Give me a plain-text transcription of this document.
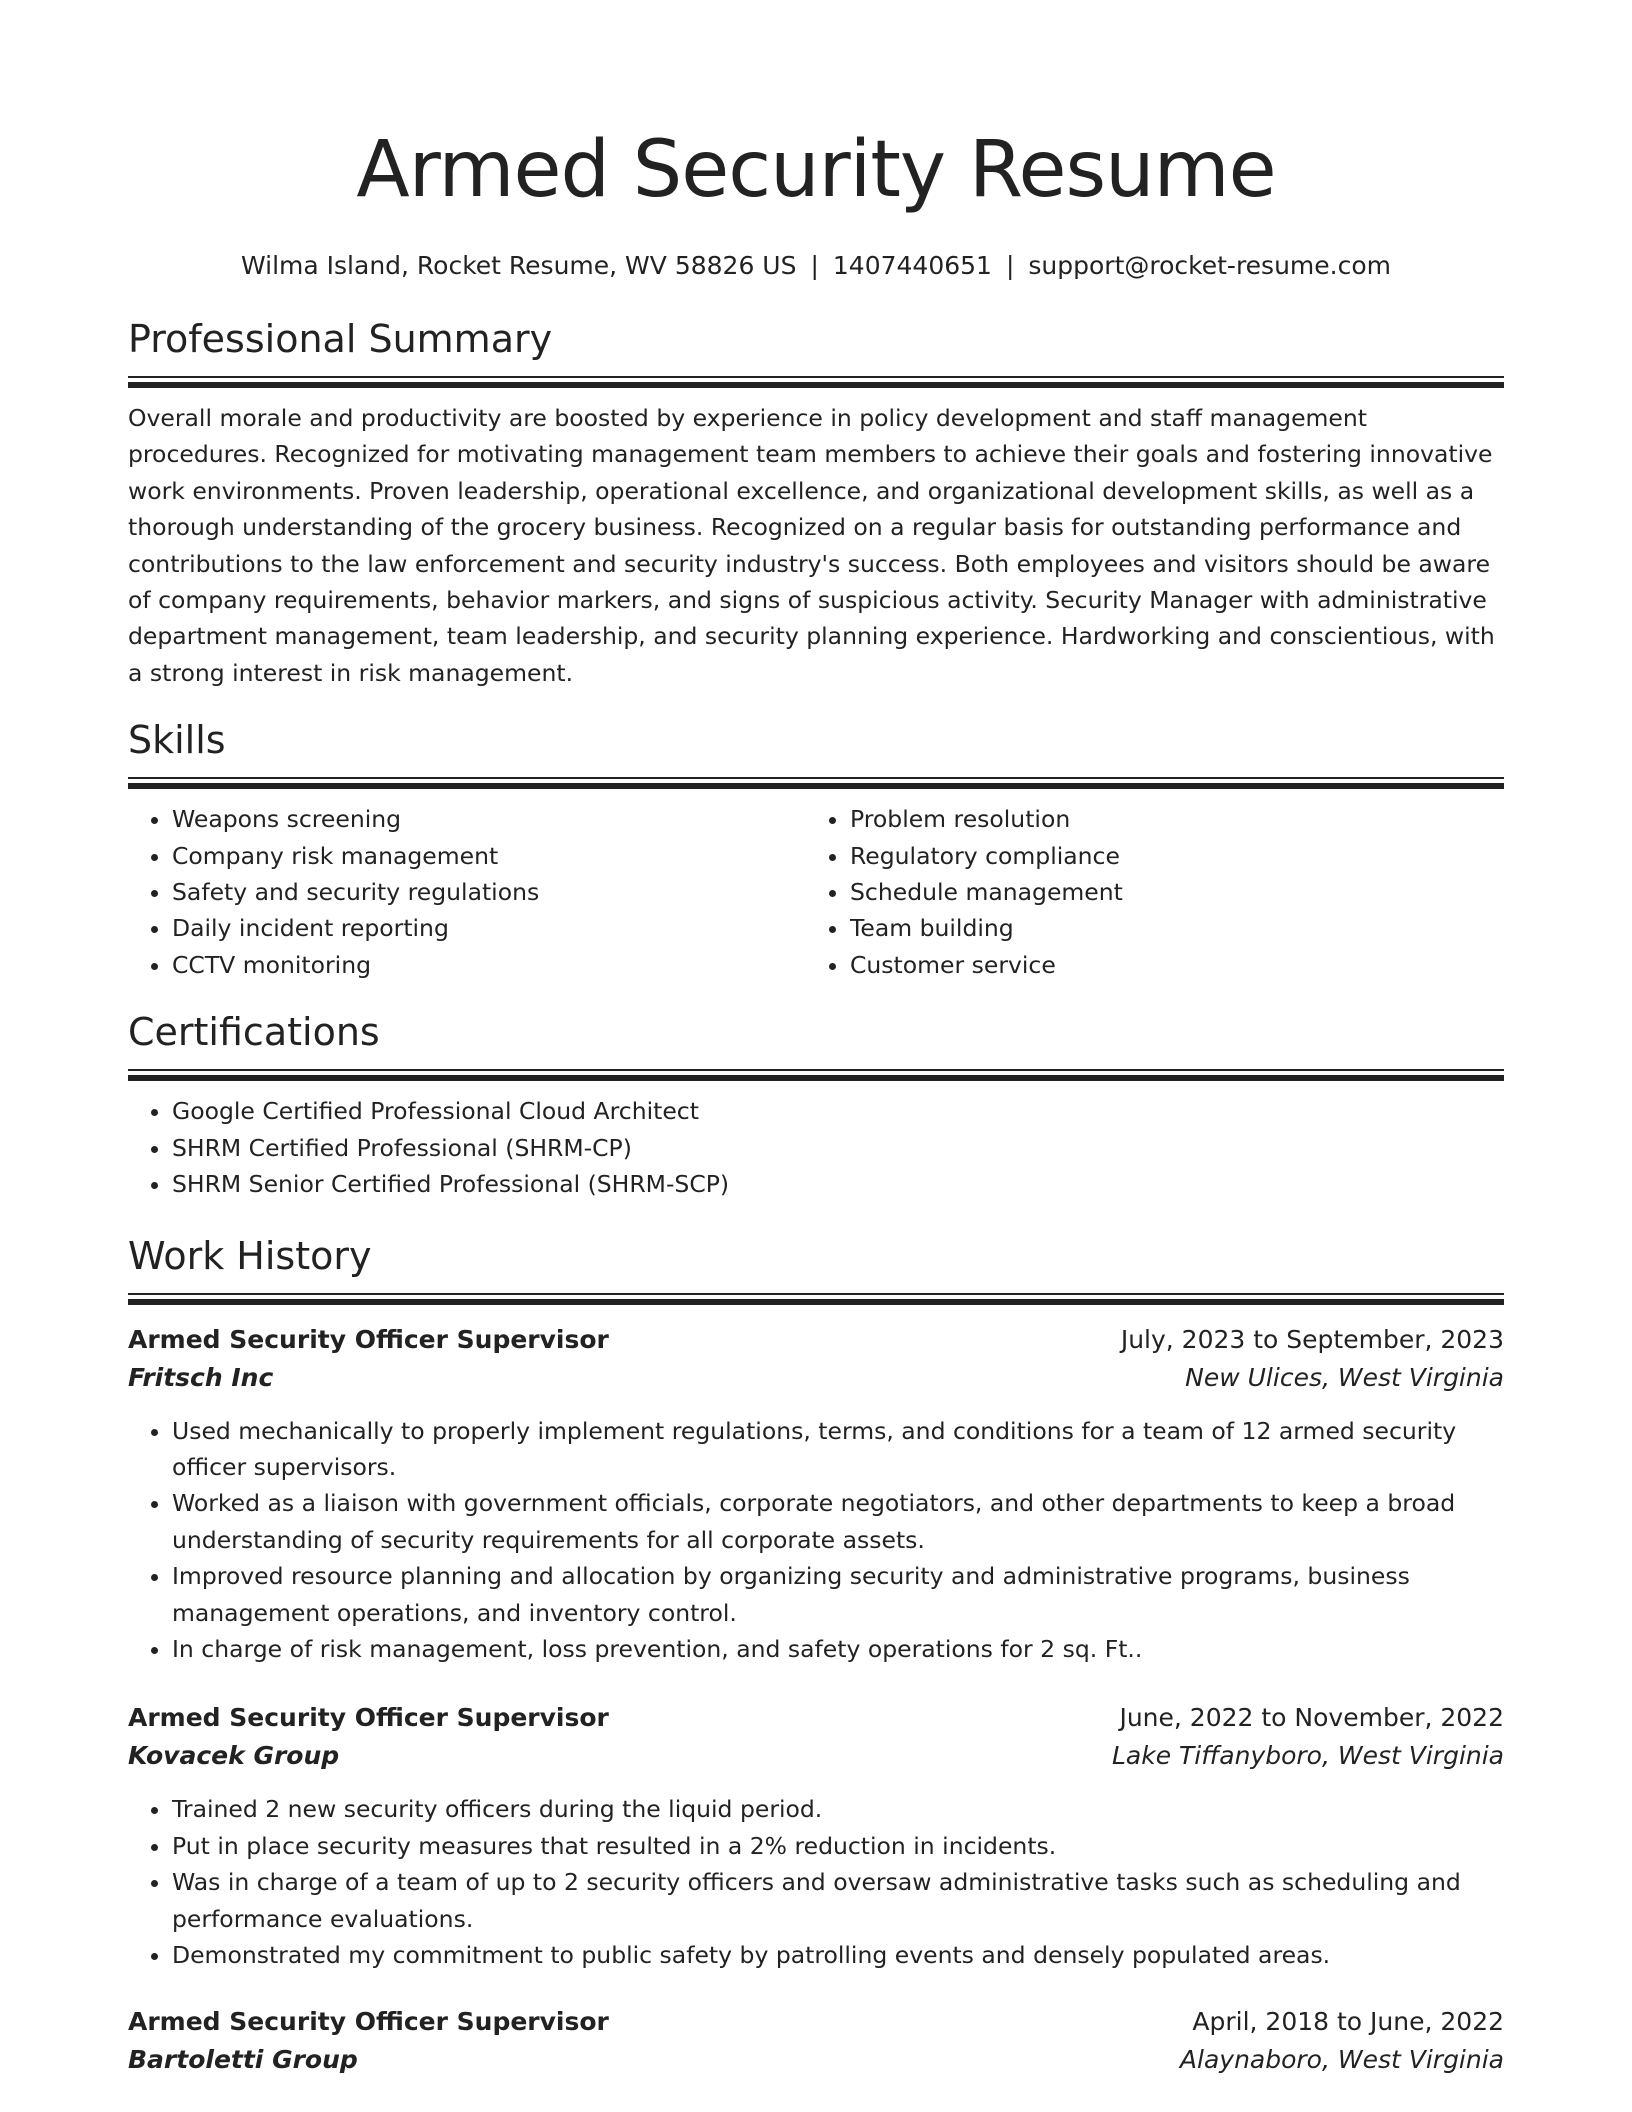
Armed Security Resume
Wilma Island, Rocket Resume, WV 58826 US | 1407440651 | support@rocket-resume.com
Professional Summary

Overall morale and productivity are boosted by experience in policy development and staff management procedures. Recognized for motivating management team members to achieve their goals and fostering innovative work environments. Proven leadership, operational excellence, and organizational development skills, as well as a thorough understanding of the grocery business. Recognized on a regular basis for outstanding performance and contributions to the law enforcement and security industry's success. Both employees and visitors should be aware of company requirements, behavior markers, and signs of suspicious activity. Security Manager with administrative department management, team leadership, and security planning experience. Hardworking and conscientious, with a strong interest in risk management.

Skills
• Weapons screening
• Company risk management
• Safety and security regulations
• Daily incident reporting
• CCTV monitoring
• Problem resolution
• Regulatory compliance
• Schedule management
• Team building
• Customer service
Certifications
• Google Certified Professional Cloud Architect
• SHRM Certified Professional (SHRM-CP)
• SHRM Senior Certified Professional (SHRM-SCP)
Work History
Armed Security Officer Supervisor	July, 2023 to September, 2023
Fritsch Inc	New Ulices, West Virginia
• Used mechanically to properly implement regulations, terms, and conditions for a team of 12 armed security officer supervisors.
• Worked as a liaison with government officials, corporate negotiators, and other departments to keep a broad understanding of security requirements for all corporate assets.
• Improved resource planning and allocation by organizing security and administrative programs, business management operations, and inventory control.
• In charge of risk management, loss prevention, and safety operations for 2 sq. Ft..
Armed Security Officer Supervisor	June, 2022 to November, 2022
Kovacek Group	Lake Tiffanyboro, West Virginia
• Trained 2 new security officers during the liquid period.
• Put in place security measures that resulted in a 2% reduction in incidents.
• Was in charge of a team of up to 2 security officers and oversaw administrative tasks such as scheduling and performance evaluations.
• Demonstrated my commitment to public safety by patrolling events and densely populated areas.
Armed Security Officer Supervisor	April, 2018 to June, 2022
Bartoletti Group	Alaynaboro, West Virginia
